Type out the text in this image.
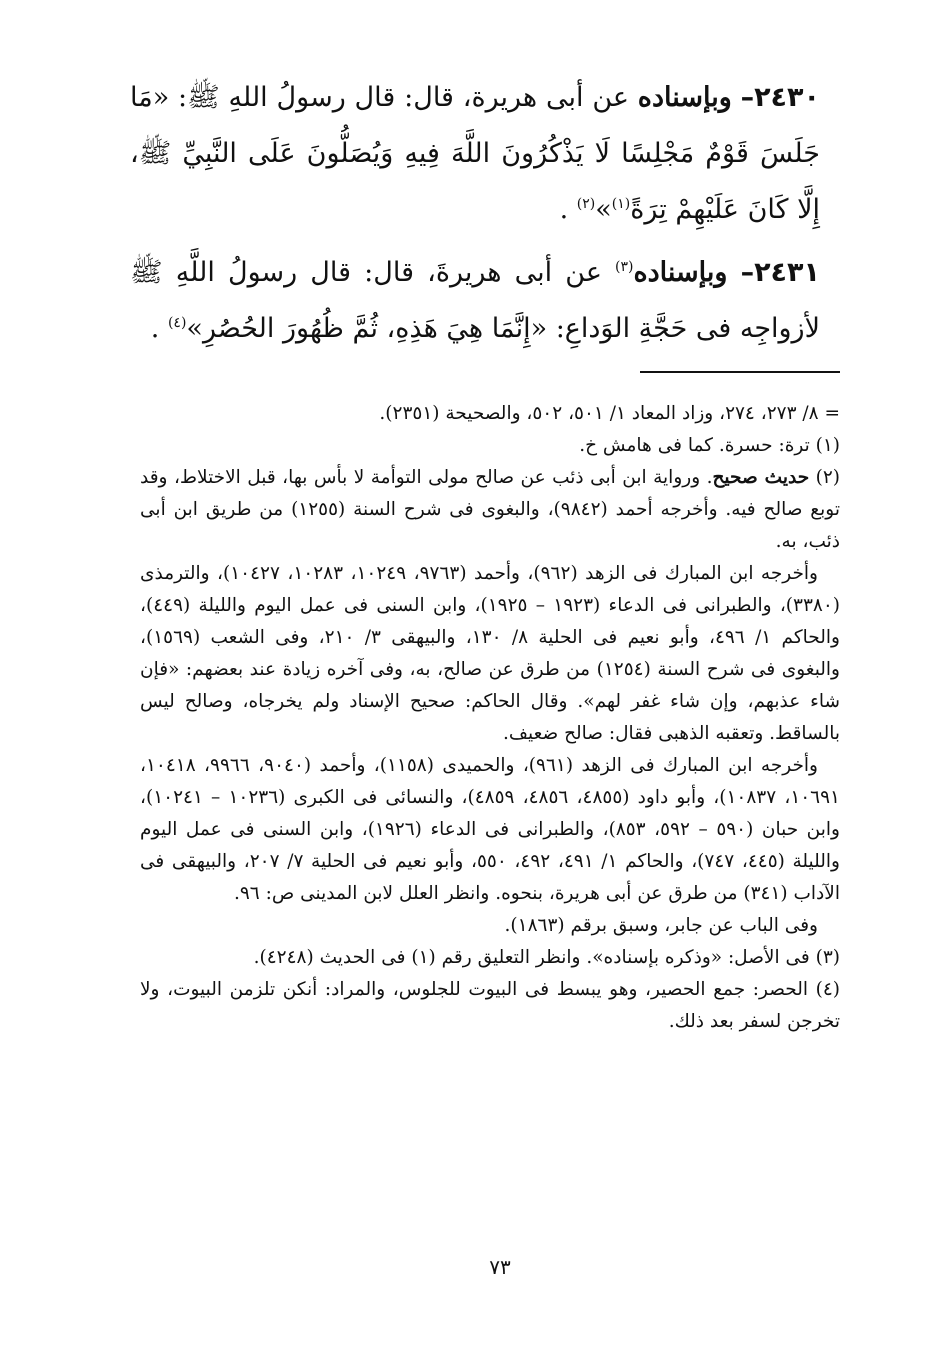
٢٤٣٠– وبإسناده عن أبى هريرة، قال: قال رسولُ اللهِ ﷺ: «مَا جَلَسَ قَوْمٌ مَجْلِسًا لَا يَذْكُرُونَ اللَّهَ فِيهِ وَيُصَلُّونَ عَلَى النَّبِيِّ ﷺ، إِلَّا كَانَ عَلَيْهِمْ تِرَةً$^{(١)}$»$^{(٢)}$ .
٢٤٣١– وبإسناده$^{(٣)}$ عن أبى هريرةَ، قال: قال رسولُ اللَّهِ ﷺ لأزواجِه فى حَجَّةِ الوَداعِ: «إِنَّمَا هِيَ هَذِهِ، ثُمَّ ظُهُورَ الحُصُرِ»$^{(٤)}$ .

= ٨/ ٢٧٣، ٢٧٤، وزاد المعاد ١/ ٥٠١، ٥٠٢، والصحيحة (٢٣٥١).

(١) ترة: حسرة. كما فى هامش خ.

(٢) حديث صحيح. ورواية ابن أبى ذئب عن صالح مولى التوأمة لا بأس بها، قبل الاختلاط، وقد توبع صالح فيه. وأخرجه أحمد (٩٨٤٢)، والبغوى فى شرح السنة (١٢٥٥) من طريق ابن أبى ذئب، به.

وأخرجه ابن المبارك فى الزهد (٩٦٢)، وأحمد (٩٧٦٣، ١٠٢٤٩، ١٠٢٨٣، ١٠٤٢٧)، والترمذى (٣٣٨٠)، والطبرانى فى الدعاء (١٩٢٣ – ١٩٢٥)، وابن السنى فى عمل اليوم والليلة (٤٤٩)، والحاكم ١/ ٤٩٦، وأبو نعيم فى الحلية ٨/ ١٣٠، والبيهقى ٣/ ٢١٠، وفى الشعب (١٥٦٩)، والبغوى فى شرح السنة (١٢٥٤) من طرق عن صالح، به، وفى آخره زيادة عند بعضهم: «فإن شاء عذبهم، وإن شاء غفر لهم». وقال الحاكم: صحيح الإسناد ولم يخرجاه، وصالح ليس بالساقط. وتعقبه الذهبى فقال: صالح ضعيف.

وأخرجه ابن المبارك فى الزهد (٩٦١)، والحميدى (١١٥٨)، وأحمد (٩٠٤٠، ٩٩٦٦، ١٠٤١٨، ١٠٦٩١، ١٠٨٣٧)، وأبو داود (٤٨٥٥، ٤٨٥٦، ٤٨٥٩)، والنسائى فى الكبرى (١٠٢٣٦ – ١٠٢٤١)، وابن حبان (٥٩٠ – ٥٩٢، ٨٥٣)، والطبرانى فى الدعاء (١٩٢٦)، وابن السنى فى عمل اليوم والليلة (٤٤٥، ٧٤٧)، والحاكم ١/ ٤٩١، ٤٩٢، ٥٥٠، وأبو نعيم فى الحلية ٧/ ٢٠٧، والبيهقى فى الآداب (٣٤١) من طرق عن أبى هريرة، بنحوه. وانظر العلل لابن المدينى ص: ٩٦.

وفى الباب عن جابر، وسبق برقم (١٨٦٣).

(٣) فى الأصل: «وذكره بإسناده». وانظر التعليق رقم (١) فى الحديث (٤٢٤٨).

(٤) الحصر: جمع الحصير، وهو يبسط فى البيوت للجلوس، والمراد: أنكن تلزمن البيوت، ولا تخرجن لسفر بعد ذلك.

٧٣
